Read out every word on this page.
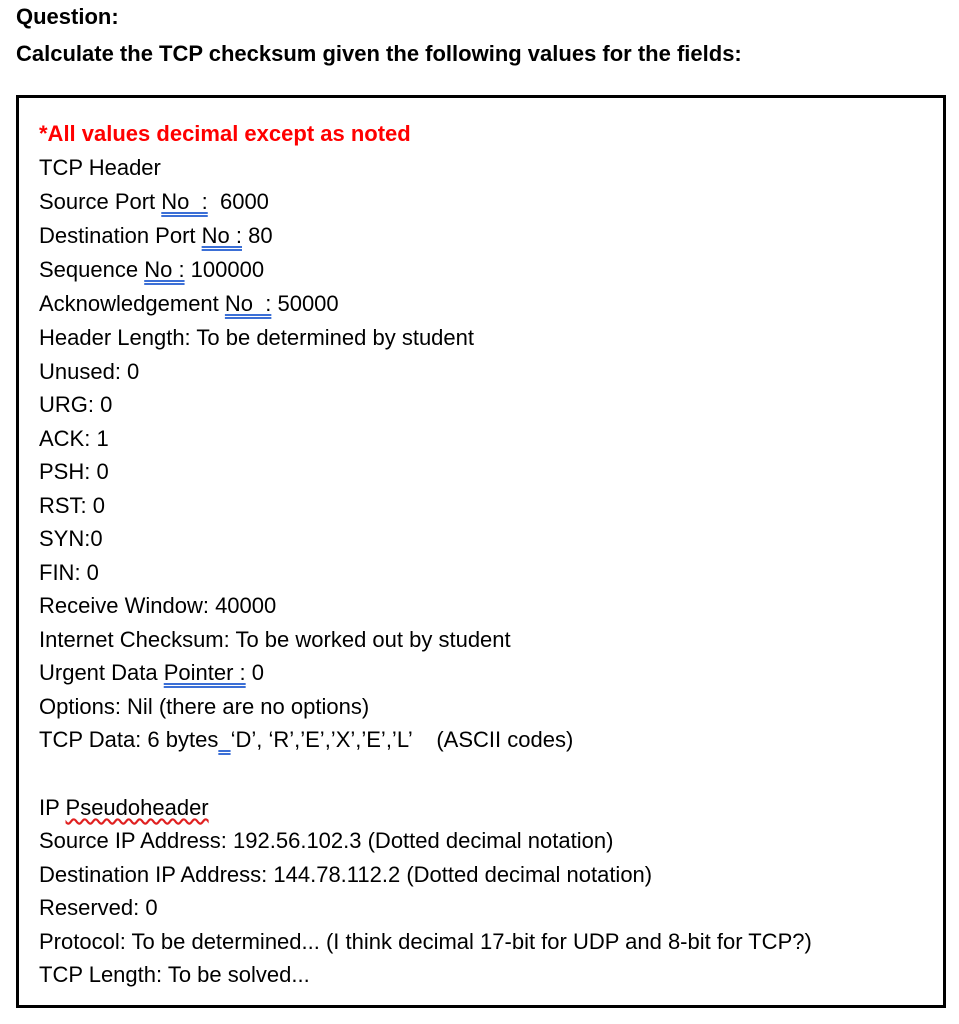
Question:
Calculate the TCP checksum given the following values for the fields:
*All values decimal except as noted
TCP Header
Source Port No  :  6000
Destination Port No : 80
Sequence No : 100000
Acknowledgement No  : 50000
Header Length: To be determined by student
Unused: 0
URG: 0
ACK: 1
PSH: 0
RST: 0
SYN:0
FIN: 0
Receive Window: 40000
Internet Checksum: To be worked out by student
Urgent Data Pointer : 0
Options: Nil (there are no options)
TCP Data: 6 bytes ‘D’, ‘R’,’E’,’X’,’E’,’L’    (ASCII codes)
IP Pseudoheader
Source IP Address: 192.56.102.3 (Dotted decimal notation)
Destination IP Address: 144.78.112.2 (Dotted decimal notation)
Reserved: 0
Protocol: To be determined... (I think decimal 17-bit for UDP and 8-bit for TCP?)
TCP Length: To be solved...
